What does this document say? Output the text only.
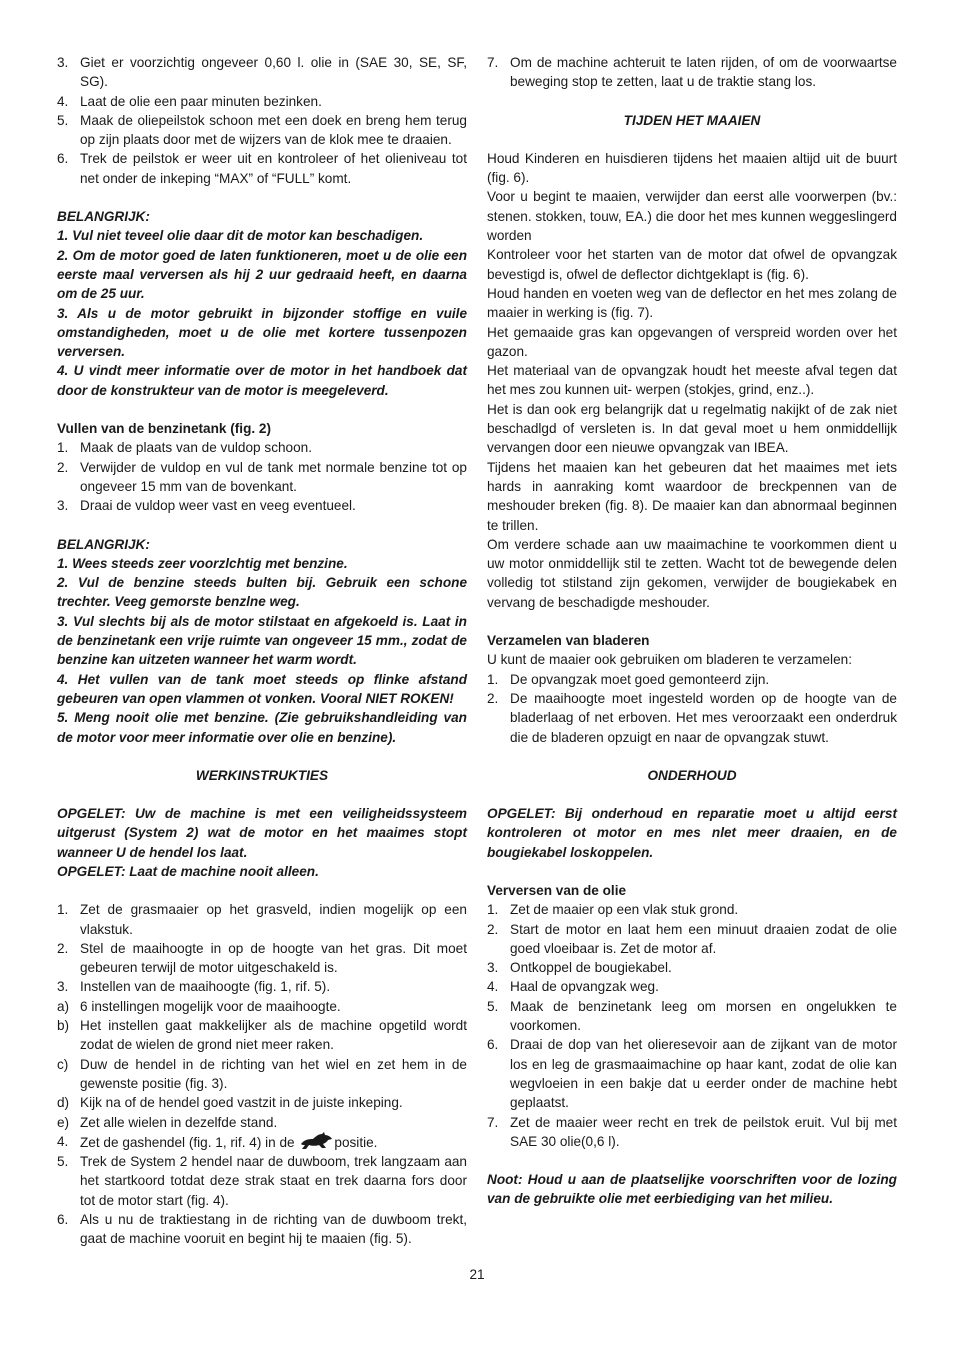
3. Giet er voorzichtig ongeveer 0,60 l. olie in (SAE 30, SE, SF, SG).
4. Laat de olie een paar minuten bezinken.
5. Maak de oliepeilstok schoon met een doek en breng hem terug op zijn plaats door met de wijzers van de klok mee te draaien.
6. Trek de peilstok er weer uit en kontroleer of het olieniveau tot net onder de inkeping “MAX” of “FULL” komt.

BELANGRIJK:

1. Vul niet teveel olie daar dit de motor kan beschadigen.

2. Om de motor goed de laten funktioneren, moet u de olie een eerste maal verversen als hij 2 uur gedraaid heeft, en daarna om de 25 uur.

3. Als u de motor gebruikt in bijzonder stoffige en vuile omstandigheden, moet u de olie met kortere tussenpozen verversen.

4. U vindt meer informatie over de motor in het handboek dat door de konstrukteur van de motor is meegeleverd.

Vullen van de benzinetank (fig. 2)

1. Maak de plaats van de vuldop schoon.
2. Verwijder de vuldop en vul de tank met normale benzine tot op ongeveer 15 mm van de bovenkant.
3. Draai de vuldop weer vast en veeg eventueel.

BELANGRIJK:

1. Wees steeds zeer voorzlchtig met benzine.

2. Vul de benzine steeds bulten bij. Gebruik een schone trechter. Veeg gemorste benzlne weg.

3. Vul slechts bij als de motor stilstaat en afgekoeld is. Laat in de benzinetank een vrije ruimte van ongeveer 15 mm., zodat de benzine kan uitzeten wanneer het warm wordt.

4. Het vullen van de tank moet steeds op flinke afstand gebeuren van open vlammen ot vonken. Vooral NIET ROKEN!

5. Meng nooit olie met benzine. (Zie gebruikshandleiding van de motor voor meer informatie over olie en benzine).

WERKINSTRUKTIES

OPGELET: Uw de machine is met een veiligheidssysteem uitgerust (System 2) wat de motor en het maaimes stopt wanneer U de hendel los laat.

OPGELET: Laat de machine nooit alleen.

1. Zet de grasmaaier op het grasveld, indien mogelijk op een vlakstuk.
2. Stel de maaihoogte in op de hoogte van het gras. Dit moet gebeuren terwijl de motor uitgeschakeld is.
3. Instellen van de maaihoogte (fig. 1, rif. 5).
a) 6 instellingen mogelijk voor de maaihoogte.
b) Het instellen gaat makkelijker als de machine opgetild wordt zodat de wielen de grond niet meer raken.
c) Duw de hendel in de richting van het wiel en zet hem in de gewenste positie (fig. 3).
d) Kijk na of de hendel goed vastzit in de juiste inkeping.
e) Zet alle wielen in dezelfde stand.
4. Zet de gashendel (fig. 1, rif. 4) in de	positie.
5. Trek de System 2 hendel naar de duwboom, trek langzaam aan het startkoord totdat deze strak staat en trek daarna fors door tot de motor start (fig. 4).
6. Als u nu de traktiestang in de richting van de duwboom trekt, gaat de machine vooruit en begint hij te maaien (fig. 5).
7. Om de machine achteruit te laten rijden, of om de voorwaartse beweging stop te zetten, laat u de traktie stang los.

TIJDEN HET MAAIEN

Houd Kinderen en huisdieren tijdens het maaien altijd uit de buurt (fig. 6).

Voor u begint te maaien, verwijder dan eerst alle voorwerpen (bv.: stenen. stokken, touw, EA.) die door het mes kunnen weggeslingerd worden

Kontroleer voor het starten van de motor dat ofwel de opvangzak bevestigd is, ofwel de deflector dichtgeklapt is (fig. 6).

Houd handen en voeten weg van de deflector en het mes zolang de maaier in werking is (fig. 7).

Het gemaaide gras kan opgevangen of verspreid worden over het gazon.

Het materiaal van de opvangzak houdt het meeste afval tegen dat het mes zou kunnen uit- werpen (stokjes, grind, enz..).

Het is dan ook erg belangrijk dat u regelmatig nakijkt of de zak niet beschadlgd of versleten is. In dat geval moet u hem onmiddellijk vervangen door een nieuwe opvangzak van IBEA.

Tijdens het maaien kan het gebeuren dat het maaimes met iets hards in aanraking komt waardoor de breckpennen van de meshouder breken (fig. 8). De maaier kan dan abnormaal beginnen te trillen.

Om verdere schade aan uw maaimachine te voorkommen dient u uw motor onmiddellijk stil te zetten. Wacht tot de bewegende delen volledig tot stilstand zijn gekomen, verwijder de bougiekabek en vervang de beschadigde meshouder.

Verzamelen van bladeren

U kunt de maaier ook gebruiken om bladeren te verzamelen:

1. De opvangzak moet goed gemonteerd zijn.
2. De maaihoogte moet ingesteld worden op de hoogte van de bladerlaag of net erboven. Het mes veroorzaakt een onderdruk die de bladeren opzuigt en naar de opvangzak stuwt.

ONDERHOUD

OPGELET: Bij onderhoud en reparatie moet u altijd eerst kontroleren ot motor en mes nlet meer draaien, en de bougiekabel loskoppelen.

Verversen van de olie

1. Zet de maaier op een vlak stuk grond.
2. Start de motor en laat hem een minuut draaien zodat de olie goed vloeibaar is. Zet de motor af.
3. Ontkoppel de bougiekabel.
4. Haal de opvangzak weg.
5. Maak de benzinetank leeg om morsen en ongelukken te voorkomen.
6. Draai de dop van het olieresevoir aan de zijkant van de motor los en leg de grasmaaimachine op haar kant, zodat de olie kan wegvloeien in een bakje dat u eerder onder de machine hebt geplaatst.
7. Zet de maaier weer recht en trek de peilstok eruit. Vul bij met SAE 30 olie(0,6 l).

Noot: Houd u aan de plaatselijke voorschriften voor de lozing van de gebruikte olie met eerbiediging van het milieu.

21
